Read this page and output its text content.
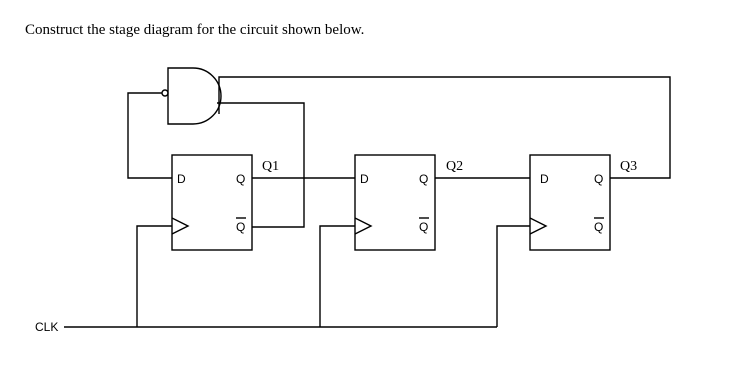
Construct the stage diagram for the circuit shown below.

CLK
D	Q
Q
Q1
D	Q
Q
Q2
D	Q
Q
Q3
